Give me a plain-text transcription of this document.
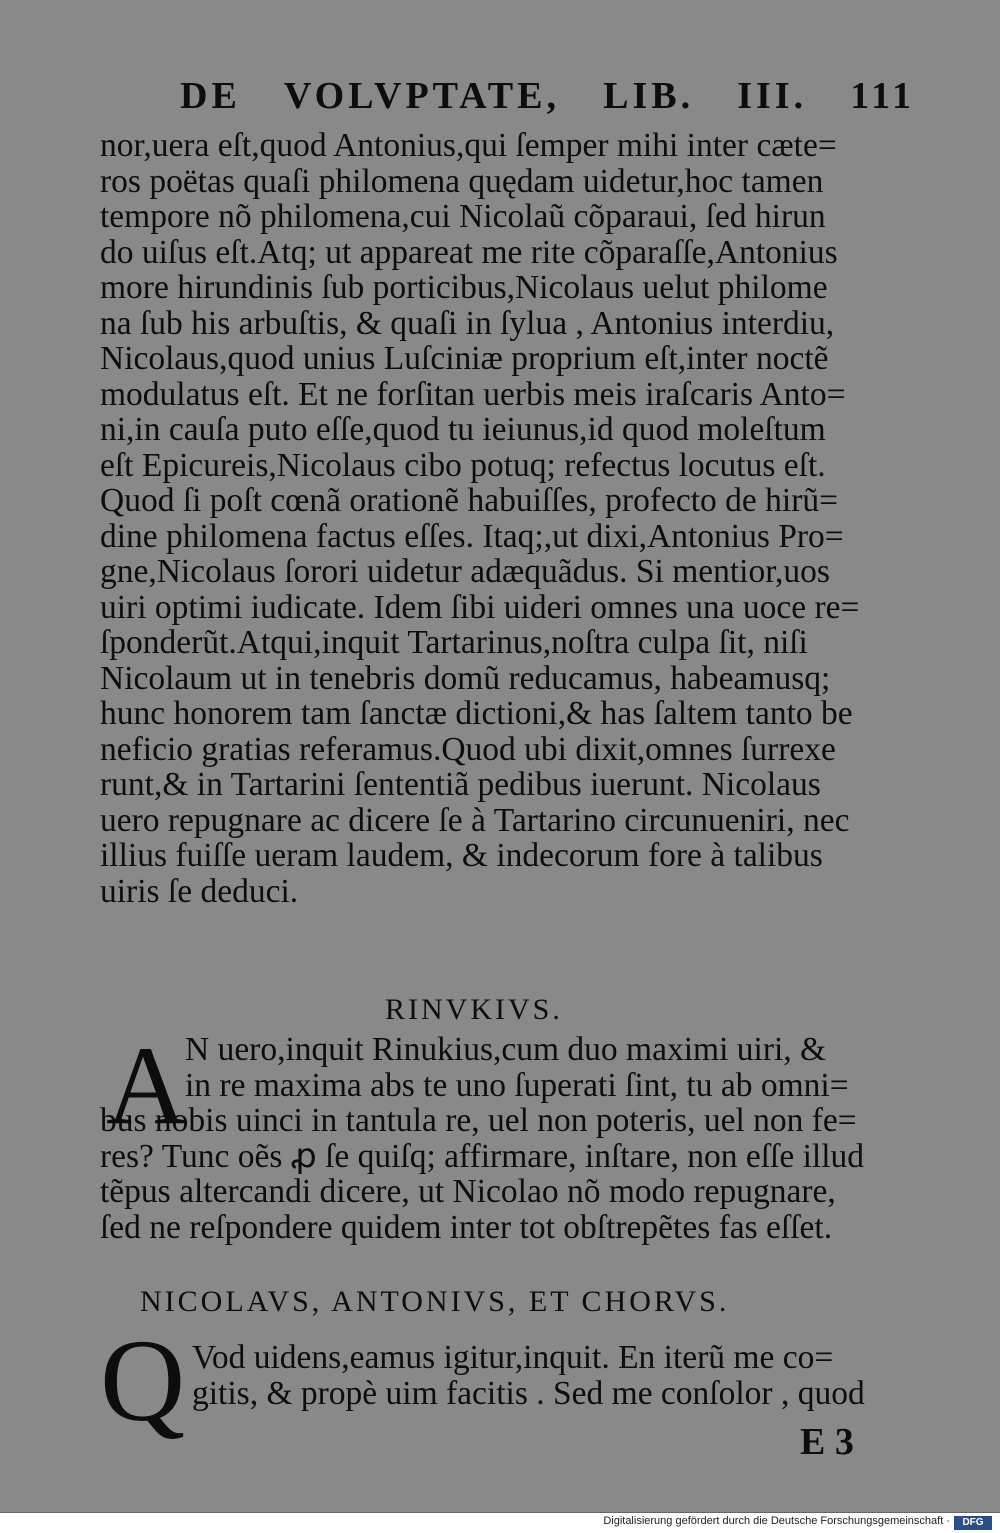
DE VOLVPTATE, LIB. III. 111
nor,uera eſt,quod Antonius,qui ſemper mihi inter cæte=
ros poëtas quaſi philomena quędam uidetur,hoc tamen
tempore nõ philomena,cui Nicolaũ cõparaui, ſed hirun
do uiſus eſt.Atq; ut appareat me rite cõparaſſe,Antonius
more hirundinis ſub porticibus,Nicolaus uelut philome
na ſub his arbuſtis, & quaſi in ſylua , Antonius interdiu,
Nicolaus,quod unius Luſciniæ proprium eſt,inter noctẽ
modulatus eſt. Et ne forſitan uerbis meis iraſcaris Anto=
ni,in cauſa puto eſſe,quod tu ieiunus,id quod moleſtum
eſt Epicureis,Nicolaus cibo potuq; refectus locutus eſt.
Quod ſi poſt cœnã orationẽ habuiſſes, profecto de hirũ=
dine philomena factus eſſes. Itaq;,ut dixi,Antonius Pro=
gne,Nicolaus ſorori uidetur adæquãdus. Si mentior,uos
uiri optimi iudicate. Idem ſibi uideri omnes una uoce re=
ſponderũt.Atqui,inquit Tartarinus,noſtra culpa ſit, niſi
Nicolaum ut in tenebris domũ reducamus, habeamusq;
hunc honorem tam ſanctæ dictioni,& has ſaltem tanto be
neficio gratias referamus.Quod ubi dixit,omnes ſurrexe
runt,& in Tartarini ſententiã pedibus iuerunt. Nicolaus
uero repugnare ac dicere ſe à Tartarino circunueniri, nec
illius fuiſſe ueram laudem, & indecorum fore à talibus
uiris ſe deduci.
RINVKIVS.
A
N uero,inquit Rinukius,cum duo maximi uiri, &
in re maxima abs te uno ſuperati ſint, tu ab omni=
bus nobis uinci in tantula re, uel non poteris, uel non fe=
res? Tunc oẽs ꝓ ſe quiſq; affirmare, inſtare, non eſſe illud
tẽpus altercandi dicere, ut Nicolao nõ modo repugnare,
ſed ne reſpondere quidem inter tot obſtrepẽtes fas eſſet.
NICOLAVS, ANTONIVS, ET CHORVS.
Q Vod uidens,eamus igitur,inquit. En iterũ me co=
gitis, & propè uim facitis . Sed me conſolor , quod
E 3
Digitalisierung gefördert durch die Deutsche Forschungsgemeinschaft ·	DFG
